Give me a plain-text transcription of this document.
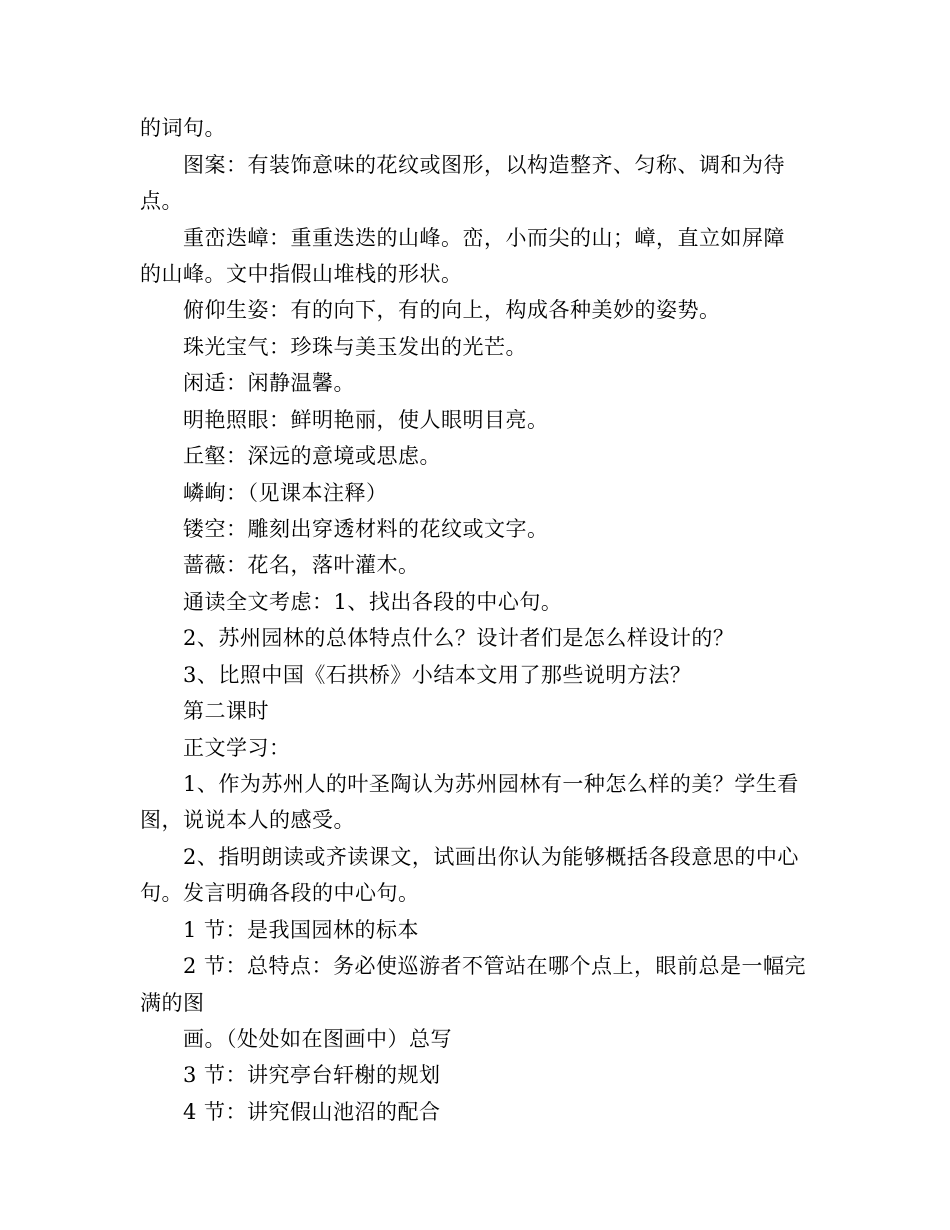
的词句。
图案：有装饰意味的花纹或图形，以构造整齐、匀称、调和为待
点。
重峦迭嶂：重重迭迭的山峰。峦，小而尖的山；嶂，直立如屏障
的山峰。文中指假山堆栈的形状。
俯仰生姿：有的向下，有的向上，构成各种美妙的姿势。
珠光宝气：珍珠与美玉发出的光芒。
闲适：闲静温馨。
明艳照眼：鲜明艳丽，使人眼明目亮。
丘壑：深远的意境或思虑。
嶙峋：（见课本注释）
镂空：雕刻出穿透材料的花纹或文字。
蔷薇：花名，落叶灌木。
通读全文考虑：1、找出各段的中心句。
2、苏州园林的总体特点什么？设计者们是怎么样设计的？
3、比照中国《石拱桥》小结本文用了那些说明方法？
第二课时
正文学习：
1、作为苏州人的叶圣陶认为苏州园林有一种怎么样的美？学生看
图，说说本人的感受。
2、指明朗读或齐读课文，试画出你认为能够概括各段意思的中心
句。发言明确各段的中心句。
1 节：是我国园林的标本
2 节：总特点：务必使巡游者不管站在哪个点上，眼前总是一幅完
满的图
画。（处处如在图画中）总写
3 节：讲究亭台轩榭的规划
4 节：讲究假山池沼的配合
